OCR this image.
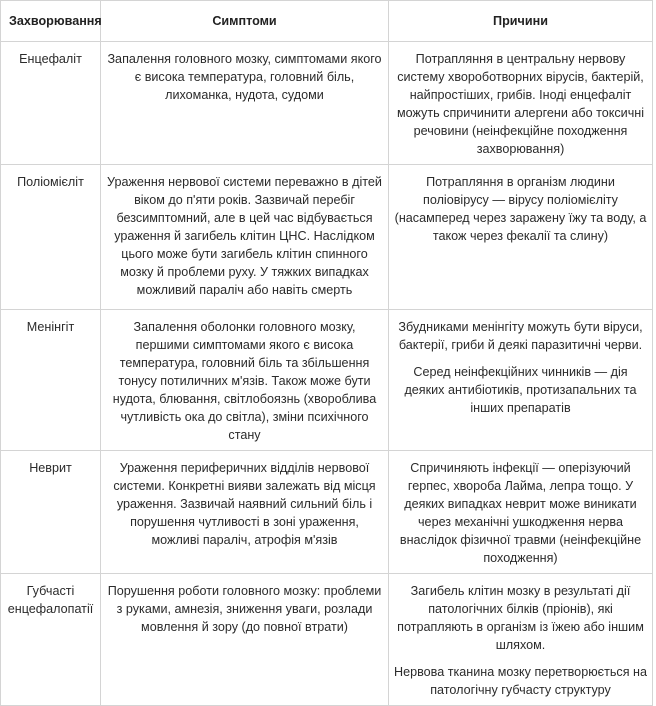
Захворювання	Симптоми	Причини
Енцефаліт	Запалення головного мозку, симптомами якого є висока температура, головний біль, лихоманка, нудота, судоми	Потрапляння в центральну нервову систему хвороботворних вірусів, бактерій, найпростіших, грибів. Іноді енцефаліт можуть спричинити алергени або токсичні речовини (неінфекційне походження захворювання)

Поліомієліт	Ураження нервової системи переважно в дітей віком до п'яти років. Зазвичай перебіг безсимптомний, але в цей час відбувається ураження й загибель клітин ЦНС. Наслідком цього може бути загибель клітин спинного мозку й проблеми руху. У тяжких випадках можливий параліч або навіть смерть	Потрапляння в організм людини поліовірусу — вірусу поліомієліту (насамперед через заражену їжу та воду, а також через фекалії та слину)

Менінгіт	Запалення оболонки головного мозку, першими симптомами якого є висока температура, головний біль та збільшення тонусу потиличних м'язів. Також може бути нудота, блювання, світлобоязнь (хвороблива чутливість ока до світла), зміни психічного стану	Збудниками менінгіту можуть бути віруси, бактерії, гриби й деякі паразитичні черви.

Серед неінфекційних чинників — дія деяких антибіотиків, протизапальних та інших препаратів

Неврит	Ураження периферичних відділів нервової системи. Конкретні вияви залежать від місця ураження. Зазвичай наявний сильний біль і порушення чутливості в зоні ураження, можливі параліч, атрофія м'язів	Спричиняють інфекції — оперізуючий герпес, хвороба Лайма, лепра тощо. У деяких випадках неврит може виникати через механічні ушкодження нерва внаслідок фізичної травми (неінфекційне походження)

Губчасті енцефалопатії	Порушення роботи головного мозку: проблеми з руками, амнезія, зниження уваги, розлади мовлення й зору (до повної втрати)	Загибель клітин мозку в результаті дії патологічних білків (пріонів), які потрапляють в організм із їжею або іншим шляхом.

Нервова тканина мозку перетворюється на патологічну губчасту структуру
